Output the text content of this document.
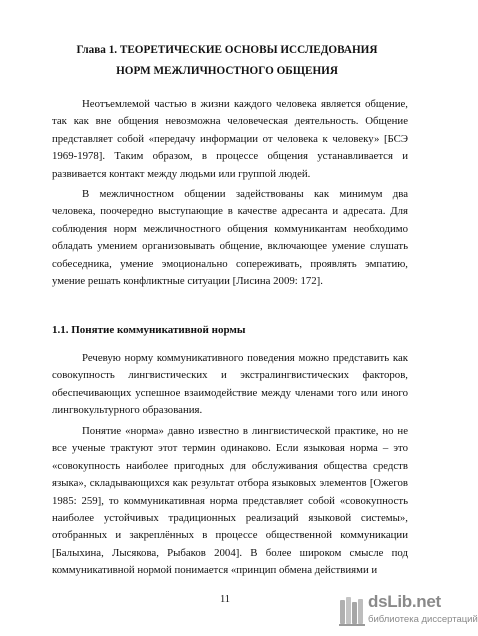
Глава 1. ТЕОРЕТИЧЕСКИЕ ОСНОВЫ ИССЛЕДОВАНИЯ
НОРМ МЕЖЛИЧНОСТНОГО ОБЩЕНИЯ

Неотъемлемой частью в жизни каждого человека является общение, так как вне общения невозможна человеческая деятельность. Общение представляет собой «передачу информации от человека к человеку» [БСЭ 1969-1978]. Таким образом, в процессе общения устанавливается и развивается контакт между людьми или группой людей.

В межличностном общении задействованы как минимум два человека, поочередно выступающие в качестве адресанта и адресата. Для соблюдения норм межличностного общения коммуникантам необходимо обладать умением организовывать общение, включающее умение слушать собеседника, умение эмоционально сопереживать, проявлять эмпатию, умение решать конфликтные ситуации [Лисина 2009: 172].

1.1. Понятие коммуникативной нормы

Речевую норму коммуникативного поведения можно представить как совокупность лингвистических и экстралингвистических факторов, обеспечивающих успешное взаимодействие между членами того или иного лингвокультурного образования.

Понятие «норма» давно известно в лингвистической практике, но не все ученые трактуют этот термин одинаково. Если языковая норма – это «совокупность наиболее пригодных для обслуживания общества средств языка», складывающихся как результат отбора языковых элементов [Ожегов 1985: 259], то коммуникативная норма представляет собой «совокупность наиболее устойчивых традиционных реализаций языковой системы», отобранных и закреплённых в процессе общественной коммуникации [Балыхина, Лысякова, Рыбаков 2004]. В более широком смысле под коммуникативной нормой понимается «принцип обмена действиями и

11	dsLib.net
библиотека диссертаций
